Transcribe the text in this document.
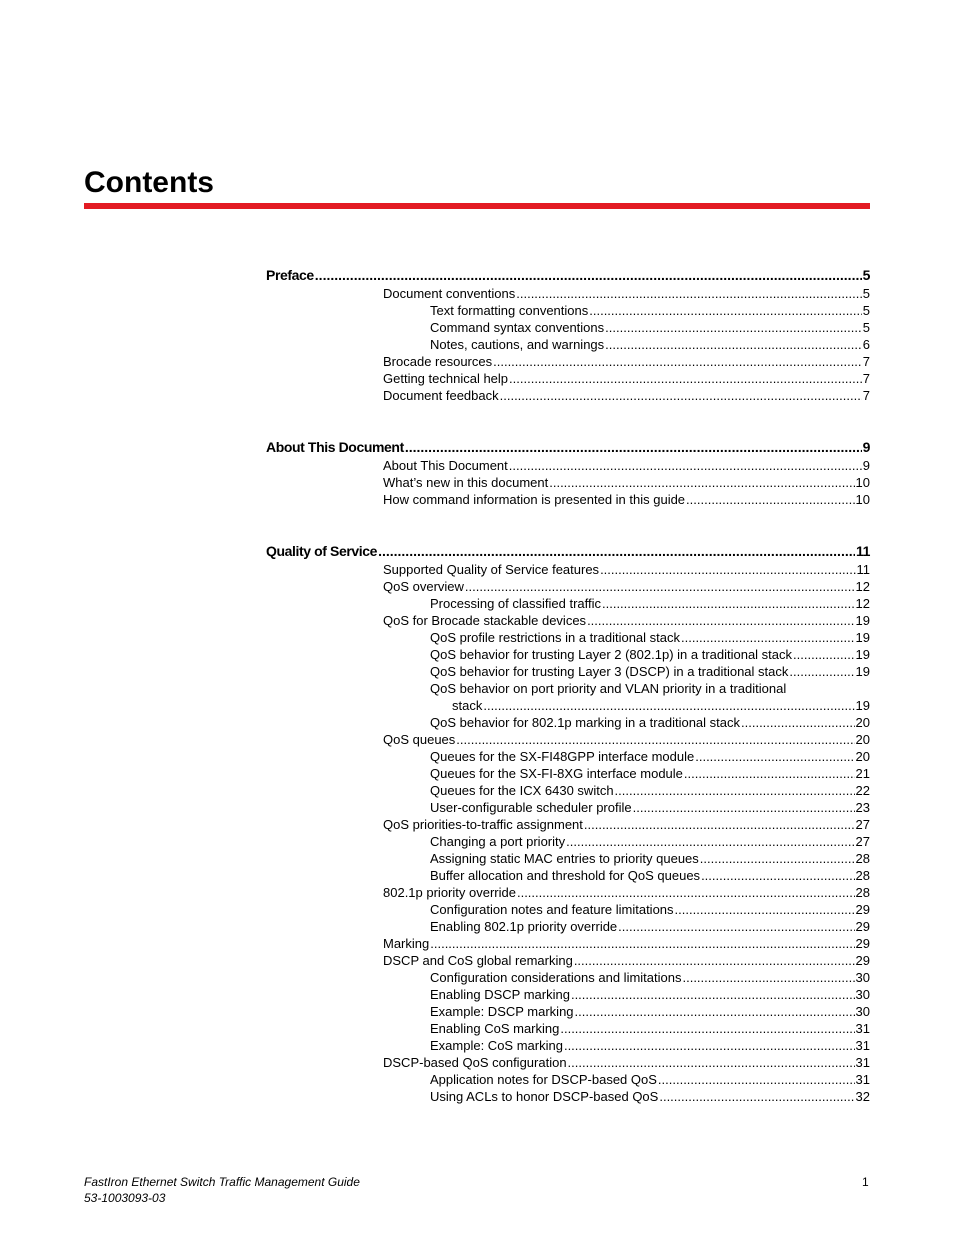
Contents
Preface .....	5
Document conventions .....	5
Text formatting conventions .....	5
Command syntax conventions .....	5
Notes, cautions, and warnings .....	6
Brocade resources .....	7
Getting technical help .....	7
Document feedback .....	7
About This Document .....	9
About This Document .....	9
What’s new in this document .....	10
How command information is presented in this guide .....	10
Quality of Service .....	11
Supported Quality of Service features .....	11
QoS overview .....	12
Processing of classified traffic .....	12
QoS for Brocade stackable devices .....	19
QoS profile restrictions in a traditional stack .....	19
QoS behavior for trusting Layer 2 (802.1p) in a traditional stack .....	19
QoS behavior for trusting Layer 3 (DSCP) in a traditional stack .....	19
QoS behavior on port priority and VLAN priority in a traditional
stack .....	19
QoS behavior for 802.1p marking in a traditional stack .....	20
QoS queues .....	20
Queues for the SX-FI48GPP interface module .....	20
Queues for the SX-FI-8XG interface module .....	21
Queues for the ICX 6430 switch .....	22
User-configurable scheduler profile .....	23
QoS priorities-to-traffic assignment .....	27
Changing a port priority .....	27
Assigning static MAC entries to priority queues .....	28
Buffer allocation and threshold for QoS queues .....	28
802.1p priority override .....	28
Configuration notes and feature limitations .....	29
Enabling 802.1p priority override .....	29
Marking .....	29
DSCP and CoS global remarking .....	29
Configuration considerations and limitations .....	30
Enabling DSCP marking .....	30
Example: DSCP marking .....	30
Enabling CoS marking .....	31
Example: CoS marking .....	31
DSCP-based QoS configuration .....	31
Application notes for DSCP-based QoS .....	31
Using ACLs to honor DSCP-based QoS .....	32
FastIron Ethernet Switch Traffic Management Guide
53-1003093-03
1
